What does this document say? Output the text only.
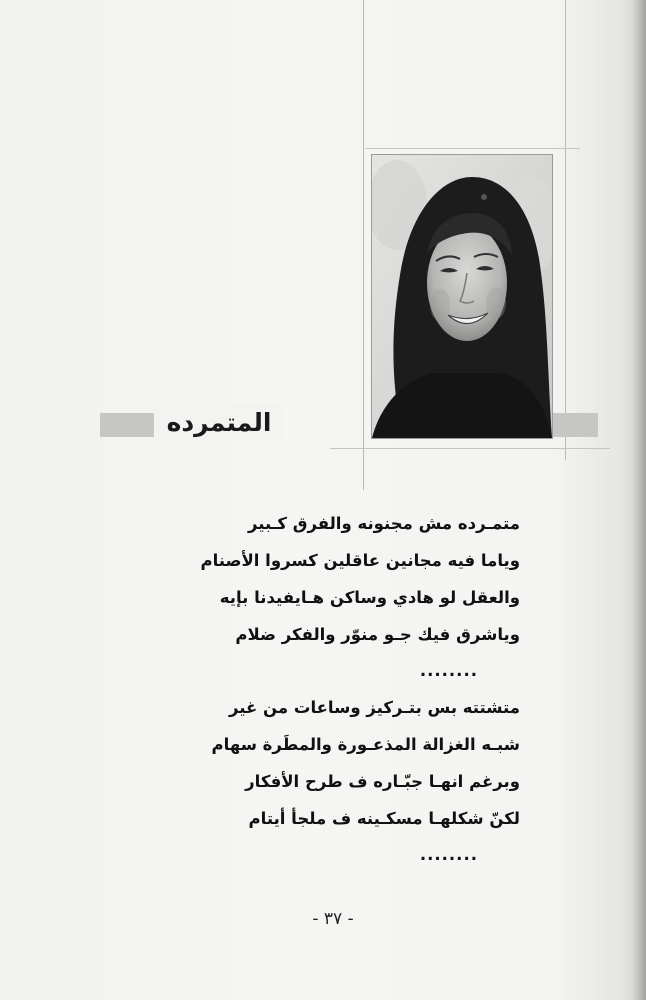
المتمرده
متمـرده مش مجنونه والفرق كـبير
وياما فيه مجانين عاقلين كسروا الأصنام
والعقل لو هادي وساكن هـايفيدنا بإيه
وياشرق فيك جـو منوّر والفكر ضلام
........
متشتته بس بتـركيز وساعات من غير
شبـه الغزالة المذعـورة والمطَرة سهام
وبرغم انهـا جبّـاره ف طرح الأفكار
لكنّ شكلهـا مسكـينه ف ملجأ أيتام
........
- ٣٧ -
